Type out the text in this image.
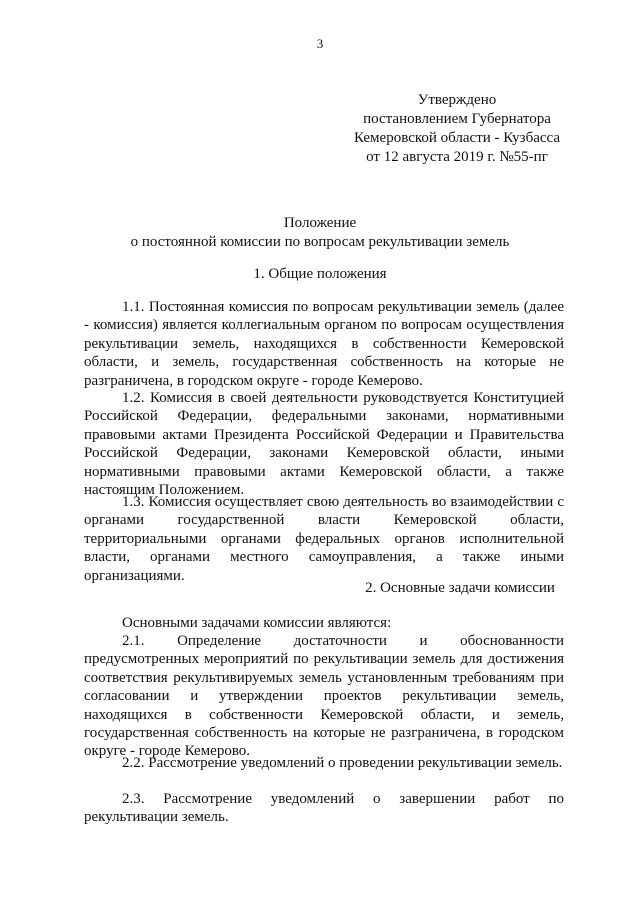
3
Утверждено
постановлением Губернатора
Кемеровской области - Кузбасса
от 12 августа 2019 г. №55-пг
Положение
о постоянной комиссии по вопросам рекультивации земель
1. Общие положения

1.1. Постоянная комиссия по вопросам рекультивации земель (далее - комиссия) является коллегиальным органом по вопросам осуществления рекультивации земель, находящихся в собственности Кемеровской области, и земель, государственная собственность на которые не разграничена, в городском округе - городе Кемерово.

1.2. Комиссия в своей деятельности руководствуется Конституцией Российской Федерации, федеральными законами, нормативными правовыми актами Президента Российской Федерации и Правительства Российской Федерации, законами Кемеровской области, иными нормативными правовыми актами Кемеровской области, а также настоящим Положением.

1.3. Комиссия осуществляет свою деятельность во взаимодействии с органами государственной власти Кемеровской области, территориальными органами федеральных органов исполнительной власти, органами местного самоуправления, а также иными организациями.

2. Основные задачи комиссии

Основными задачами комиссии являются:

2.1. Определение достаточности и обоснованности предусмотренных мероприятий по рекультивации земель для достижения соответствия рекультивируемых земель установленным требованиям при согласовании и утверждении проектов рекультивации земель, находящихся в собственности Кемеровской области, и земель, государственная собственность на которые не разграничена, в городском округе - городе Кемерово.

2.2. Рассмотрение уведомлений о проведении рекультивации земель.

2.3. Рассмотрение уведомлений о завершении работ по рекультивации земель.
